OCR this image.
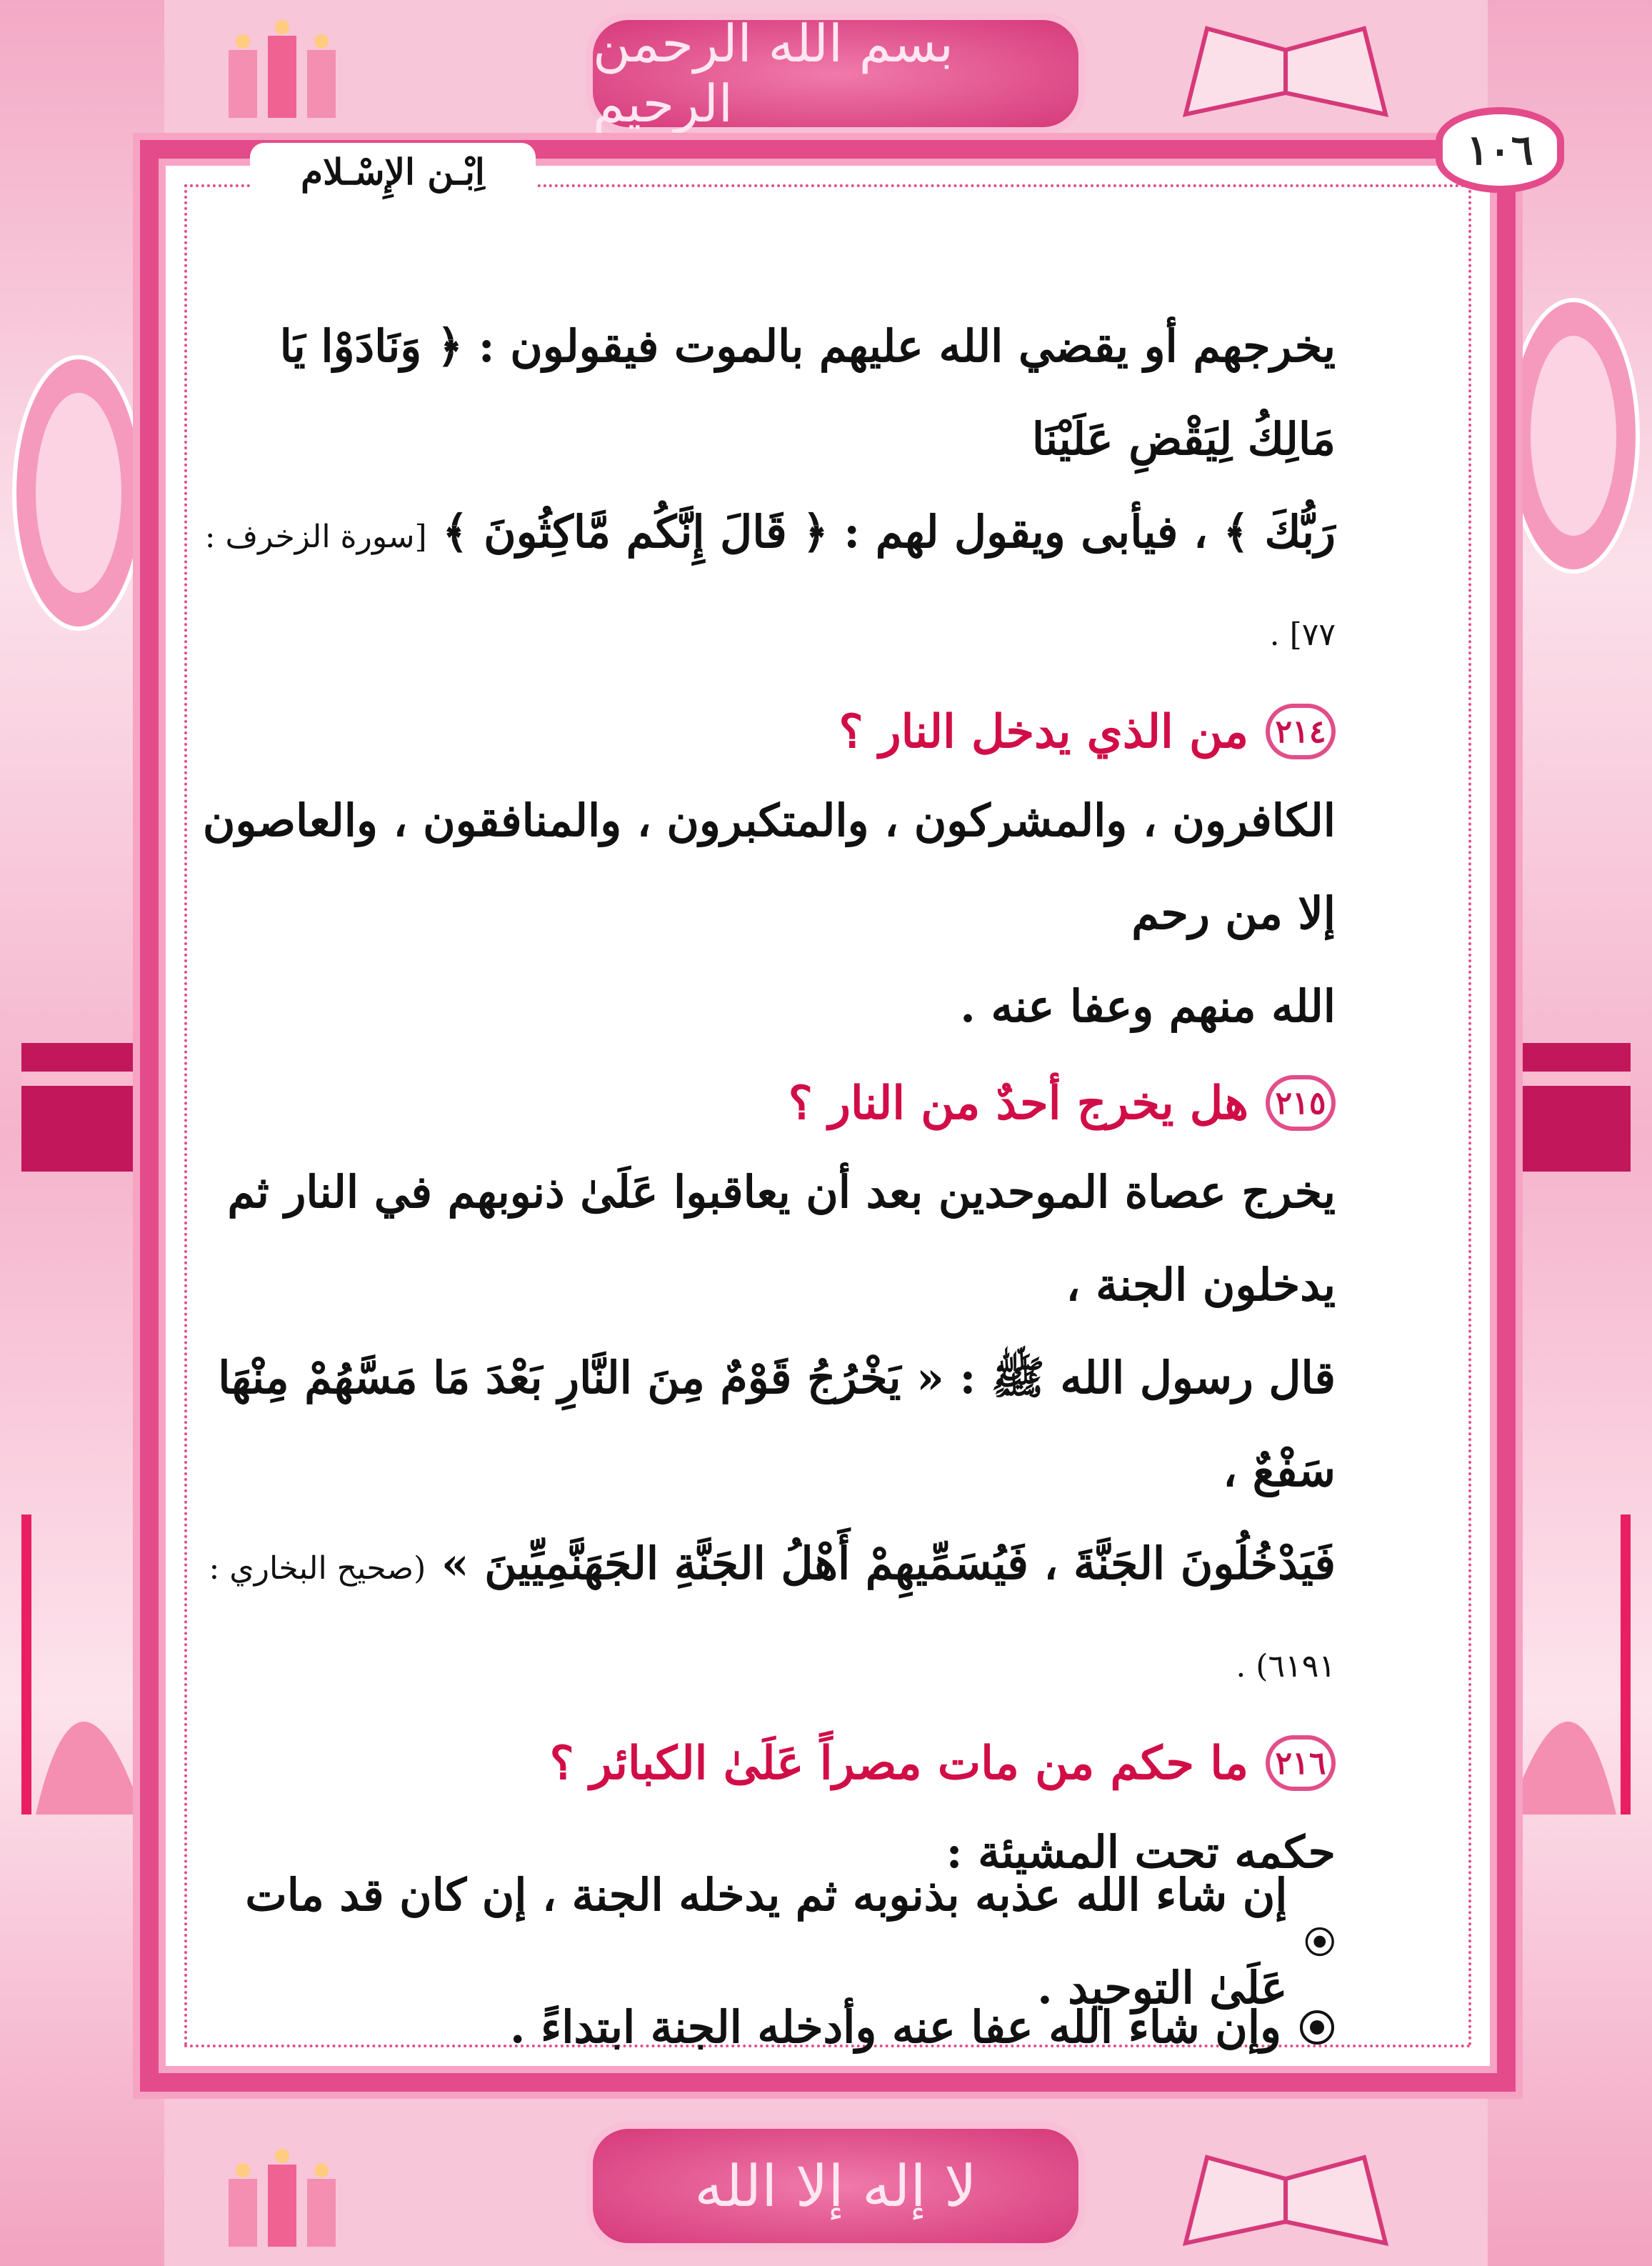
بسم الله الرحمن الرحيم
لا إله إلا الله
اِبْـن الإِسْـلام	١٠٦

يخرجهم أو يقضي الله عليهم بالموت فيقولون : ﴿ وَنَادَوْا يَا مَالِكُ لِيَقْضِ عَلَيْنَا

رَبُّكَ ﴾ ، فيأبى ويقول لهم : ﴿ قَالَ إِنَّكُم مَّاكِثُونَ ﴾ [سورة الزخرف : ٧٧] .

٢١٤
من الذي يدخل النار ؟

الكافرون ، والمشركون ، والمتكبرون ، والمنافقون ، والعاصون إلا من رحم

الله منهم وعفا عنه .

٢١٥
هل يخرج أحدٌ من النار ؟

يخرج عصاة الموحدين بعد أن يعاقبوا عَلَىٰ ذنوبهم في النار ثم يدخلون الجنة ،

قال رسول الله ﷺ : « يَخْرُجُ قَوْمٌ مِنَ النَّارِ بَعْدَ مَا مَسَّهُمْ مِنْهَا سَفْعٌ ،

فَيَدْخُلُونَ الجَنَّةَ ، فَيُسَمِّيهِمْ أَهْلُ الجَنَّةِ الجَهَنَّمِيِّينَ » (صحيح البخاري : ٦١٩١) .

٢١٦
ما حكم من مات مصراً عَلَىٰ الكبائر ؟

حكمه تحت المشيئة :

إن شاء الله عذبه بذنوبه ثم يدخله الجنة ، إن كان قد مات عَلَىٰ التوحيد .
وإن شاء الله عفا عنه وأدخله الجنة ابتداءً .
